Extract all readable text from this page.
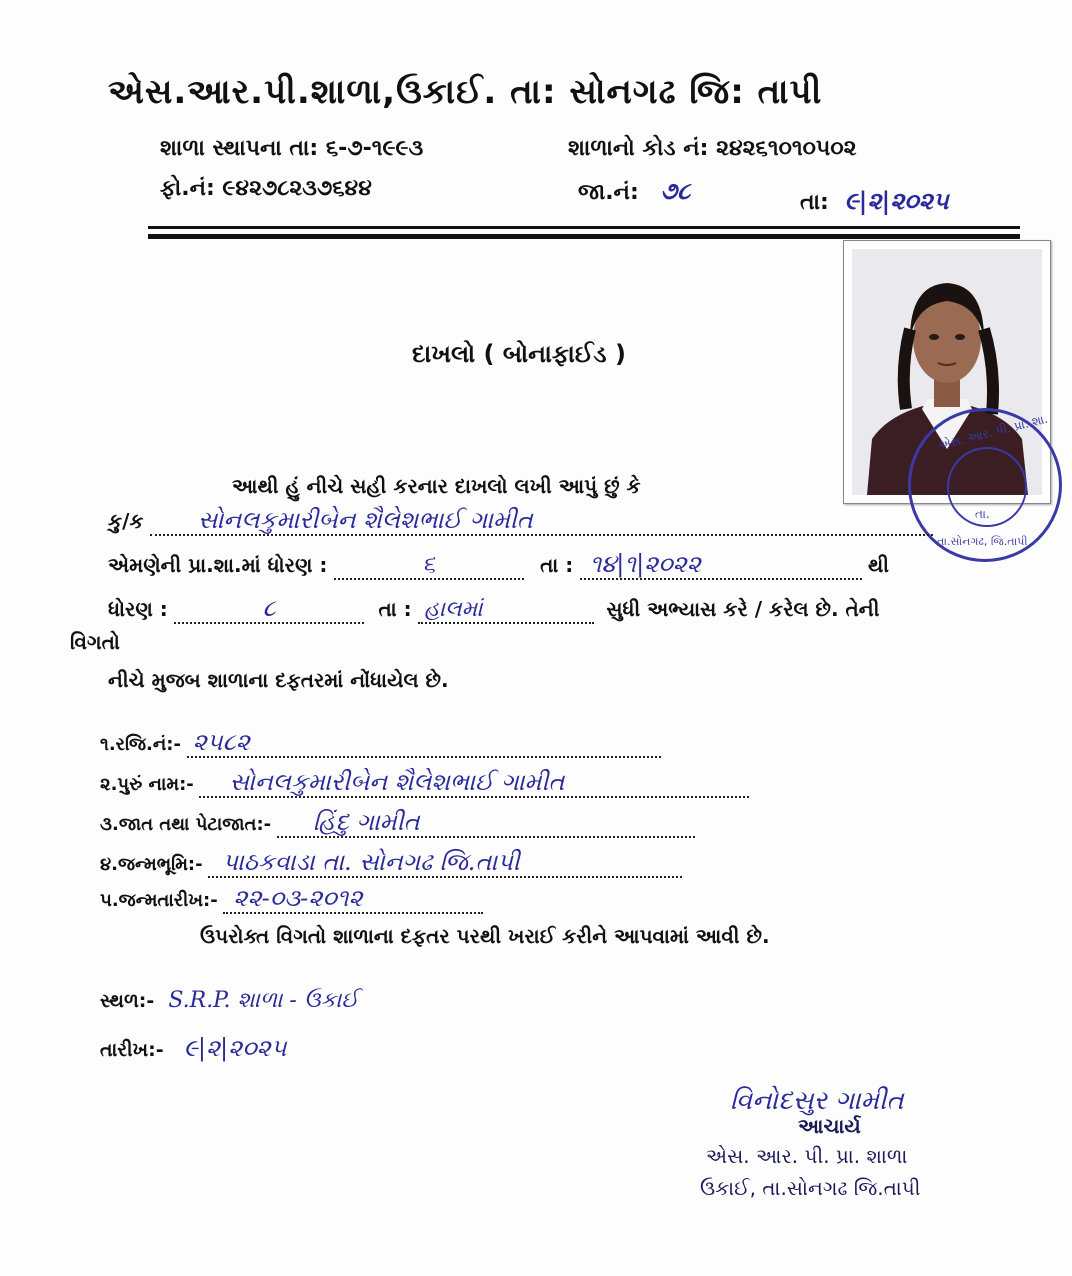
એસ.આર.પી.શાળા,ઉકાઈ. તા: સોનગઢ જિ: તાપી
શાળા સ્થાપના તા: ૬-૭-૧૯૯૩	શાળાનો કોડ નં: ૨૪૨૬૧૦૧૦૫૦૨
ફો.નં: ૯૪૨૭૮૨૩૭૬૪૪	જા.નં: ૭૮	તા: ૯|૨|૨૦૨૫
એસ. આર. પી. પ્રા. શા.
તા.
તા.સોનગઢ, જિ.તાપી
દાખલો ( બોનાફાઈડ )
આથી હું નીચે સહી કરનાર દાખલો લખી આપું છું કે
કુ/ક સોનલકુમારીબેન શૈલેશભાઈ ગામીત
એમણેની પ્રા.શા.માં ધોરણ :	૬	તા : ૧૪|૧|૨૦૨૨	થી
ધોરણ :	૮	તા : હાલમાં	સુધી અભ્યાસ કરે / કરેલ છે. તેની
વિગતો
નીચે મુજબ શાળાના દફતરમાં નોંધાયેલ છે.
૧.રજિ.નં:- ૨૫૮૨
૨.પુરું નામ:- સોનલકુમારીબેન શૈલેશભાઈ ગામીત
૩.જાત તથા પેટાજાત:- હિંદુ ગામીત
૪.જન્મભૂમિ:- પાઠકવાડા તા. સોનગઢ જિ.તાપી
૫.જન્મતારીખ:- ૨૨-૦૩-૨૦૧૨
ઉપરોક્ત વિગતો શાળાના દફતર પરથી ખરાઈ કરીને આપવામાં આવી છે.
સ્થળ:- S.R.P. શાળા - ઉકાઈ
તારીખ:- ૯|૨|૨૦૨૫
વિનોદસુર ગામીત
આચાર્ય
એસ. આર. પી. પ્રા. શાળા
ઉકાઈ, તા.સોનગઢ જિ.તાપી
